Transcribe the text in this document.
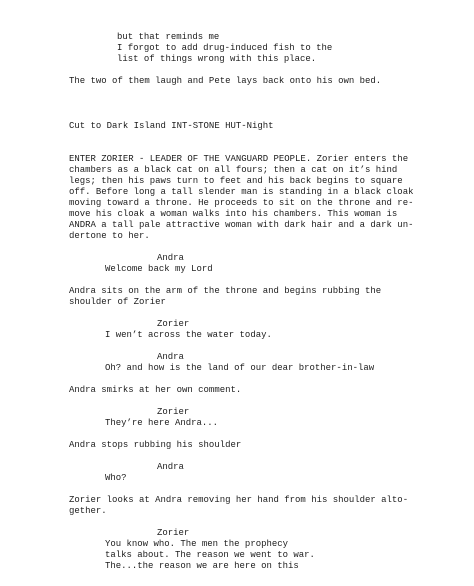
but that reminds me

I forgot to add drug-induced fish to the

list of things wrong with this place.

The two of them laugh and Pete lays back onto his own bed.

Cut to Dark Island INT-STONE HUT-Night

ENTER ZORIER - LEADER OF THE VANGUARD PEOPLE. Zorier enters the

chambers as a black cat on all fours; then a cat on it’s hind

legs; then his paws turn to feet and his back begins to square

off. Before long a tall slender man is standing in a black cloak

moving toward a throne. He proceeds to sit on the throne and re-

move his cloak a woman walks into his chambers. This woman is

ANDRA a tall pale attractive woman with dark hair and a dark un-

dertone to her.

Andra

Welcome back my Lord

Andra sits on the arm of the throne and begins rubbing the

shoulder of Zorier

Zorier

I wen’t across the water today.

Andra

Oh? and how is the land of our dear brother-in-law

Andra smirks at her own comment.

Zorier

They’re here Andra...

Andra stops rubbing his shoulder

Andra

Who?

Zorier looks at Andra removing her hand from his shoulder alto-

gether.

Zorier

You know who. The men the prophecy

talks about. The reason we went to war.

The...the reason we are here on this
